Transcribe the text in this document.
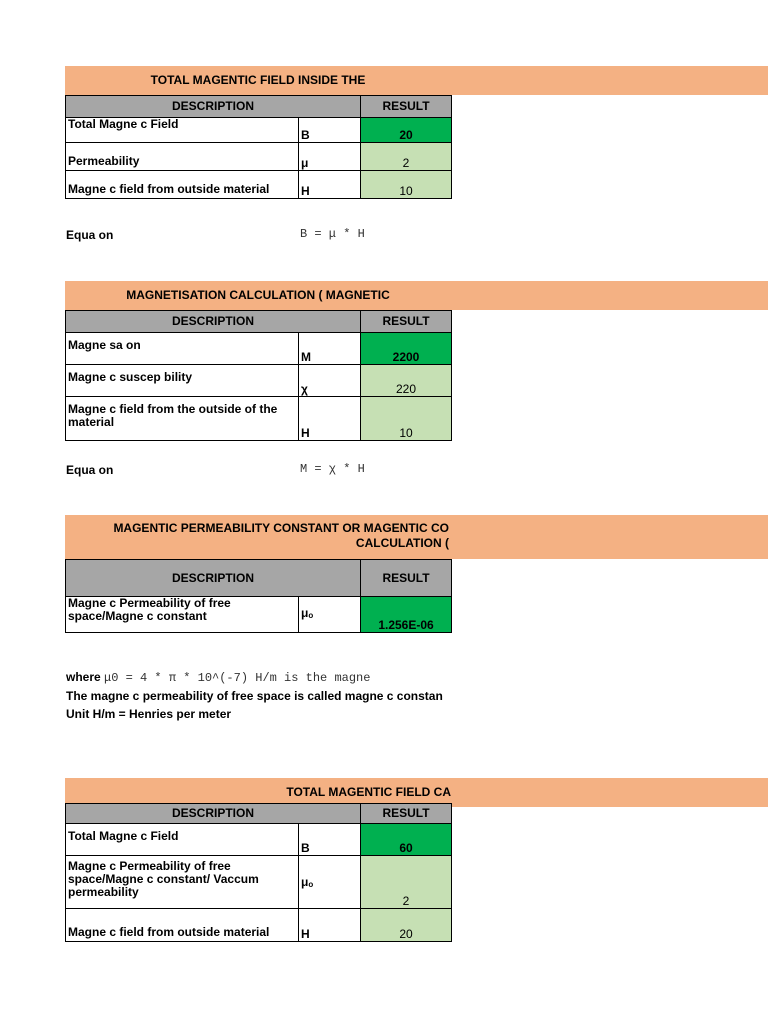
TOTAL MAGENTIC FIELD INSIDE THE
DESCRIPTION		RESULT
Total Magne c Field	B	20
Permeability	μ	2
Magne c field from outside material	H	10
Equa on	B = μ * H
MAGNETISATION CALCULATION ( MAGNETIC
DESCRIPTION		RESULT
Magne sa on	M	2200
Magne c suscep bility	χ	220
Magne c field from the outside of the material	H	10
Equa on	M = χ * H
MAGENTIC PERMEABILITY CONSTANT OR MAGENTIC CO
CALCULATION (
DESCRIPTION		RESULT
Magne c Permeability of free space/Magne c constant	μo	1.256E-06
where μ0 = 4 * π * 10^(-7) H/m is the magne
The magne c permeability of free space is called magne c constan
Unit H/m = Henries per meter
TOTAL MAGENTIC FIELD CA
DESCRIPTION		RESULT
Total Magne c Field	B	60
Magne c Permeability of free space/Magne c constant/ Vaccum permeability	μo	2
Magne c field from outside material	H	20
